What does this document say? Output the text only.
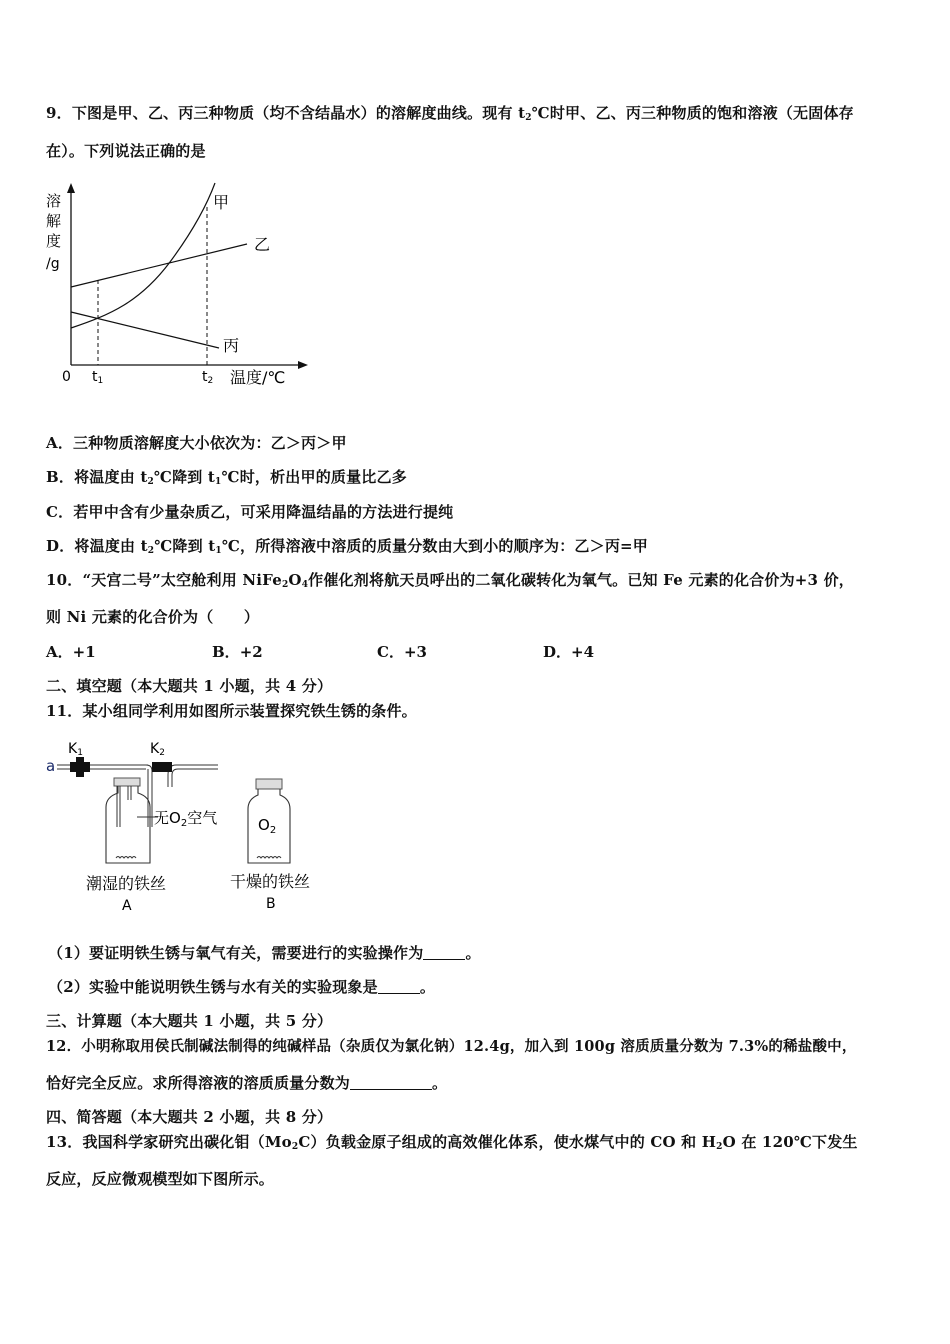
9．下图是甲、乙、丙三种物质（均不含结晶水）的溶解度曲线。现有 $t_2℃$时甲、乙、丙三种物质的饱和溶液（无固体存
在）。下列说法正确的是
溶
解
度
/g
0 t1	t2 温度/℃
甲
乙
丙
A．三种物质溶解度大小依次为：乙＞丙＞甲
B．将温度由 $t_2℃$降到 $t_1℃$时，析出甲的质量比乙多
C．若甲中含有少量杂质乙，可采用降温结晶的方法进行提纯
D．将温度由 $t_2℃$降到 $t_1℃$，所得溶液中溶质的质量分数由大到小的顺序为：乙＞丙=甲
10．“天宫二号”太空舱利用 $NiFe_2O_4$作催化剂将航天员呼出的二氧化碳转化为氧气。已知 Fe 元素的化合价为+3 价，
则 Ni 元素的化合价为（　　）
A．+1	B．+2	C．+3	D．+4
二、填空题（本大题共 1 小题，共 4 分）
11．某小组同学利用如图所示装置探究铁生锈的条件。
a
K1	K2
无$O_2$空气
潮湿的铁丝
A
$O_2$
干燥的铁丝
B
（1）要证明铁生锈与氧气有关，需要进行的实验操作为	。
（2）实验中能说明铁生锈与水有关的实验现象是	。
三、计算题（本大题共 1 小题，共 5 分）
12．小明称取用侯氏制碱法制得的纯碱样品（杂质仅为氯化钠）12.4g，加入到 100g 溶质质量分数为 7.3%的稀盐酸中，
恰好完全反应。求所得溶液的溶质质量分数为	。
四、简答题（本大题共 2 小题，共 8 分）
13．我国科学家研究出碳化钼$(Mo_2C)$负载金原子组成的高效催化体系，使水煤气中的 CO 和 $H_2O$ 在 120℃下发生
反应，反应微观模型如下图所示。
